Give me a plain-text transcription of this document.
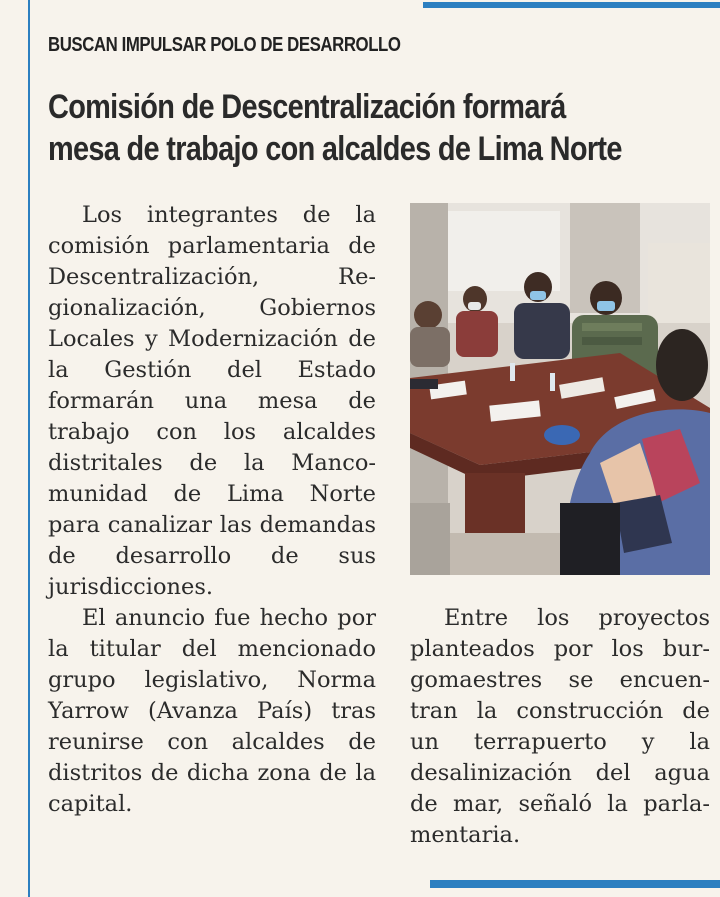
BUSCAN IMPULSAR POLO DE DESARROLLO
Comisión de Descentralización formará
mesa de trabajo con alcaldes de Lima Norte

Los integrantes de la comisión parlamentaria de Descentralización, Regionalización, Gobiernos Locales y Modernización de la Gestión del Estado formarán una mesa de trabajo con los alcaldes distritales de la Mancomunidad de Lima Norte para canalizar las demandas de desarrollo de sus jurisdicciones.

El anuncio fue hecho por la titular del mencionado grupo legislativo, Norma Yarrow (Avanza País) tras reunirse con alcaldes de distritos de dicha zona de la capital.

Entre los proyectos planteados por los burgomaestres se encuentran la construcción de un terrapuerto y la desalinización del agua de mar, señaló la parlamentaria.
